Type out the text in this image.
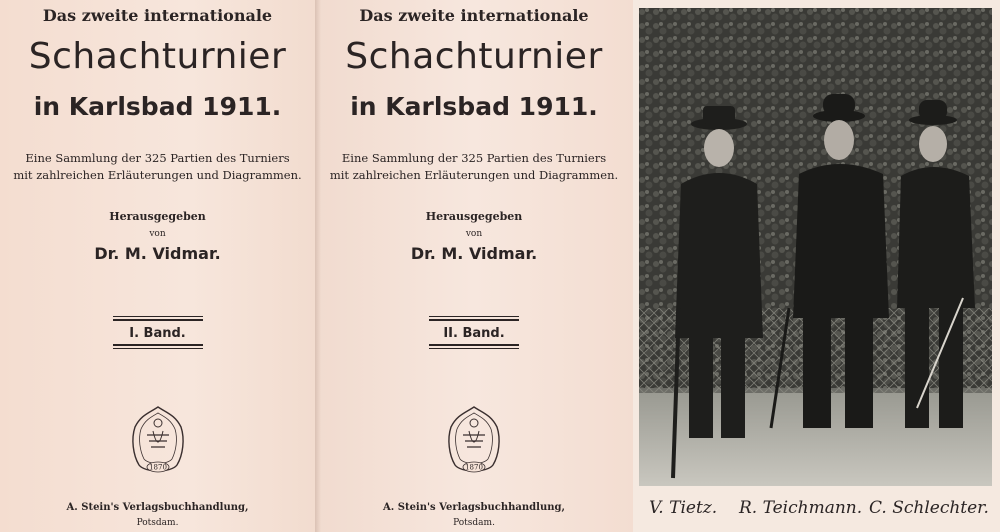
Das zweite internationale
Schachturnier
in Karlsbad 1911.
Eine Sammlung der 325 Partien des Turniers
mit zahlreichen Erläuterungen und Diagrammen.
Herausgegeben
von
Dr. M. Vidmar.
I. Band.
1870
A. Stein's Verlagsbuchhandlung,
Potsdam.
Das zweite internationale
Schachturnier
in Karlsbad 1911.
Eine Sammlung der 325 Partien des Turniers
mit zahlreichen Erläuterungen und Diagrammen.
Herausgegeben
von
Dr. M. Vidmar.
II. Band.
1870
A. Stein's Verlagsbuchhandlung,
Potsdam.
V. Tietz. R. Teichmann. C. Schlechter.
